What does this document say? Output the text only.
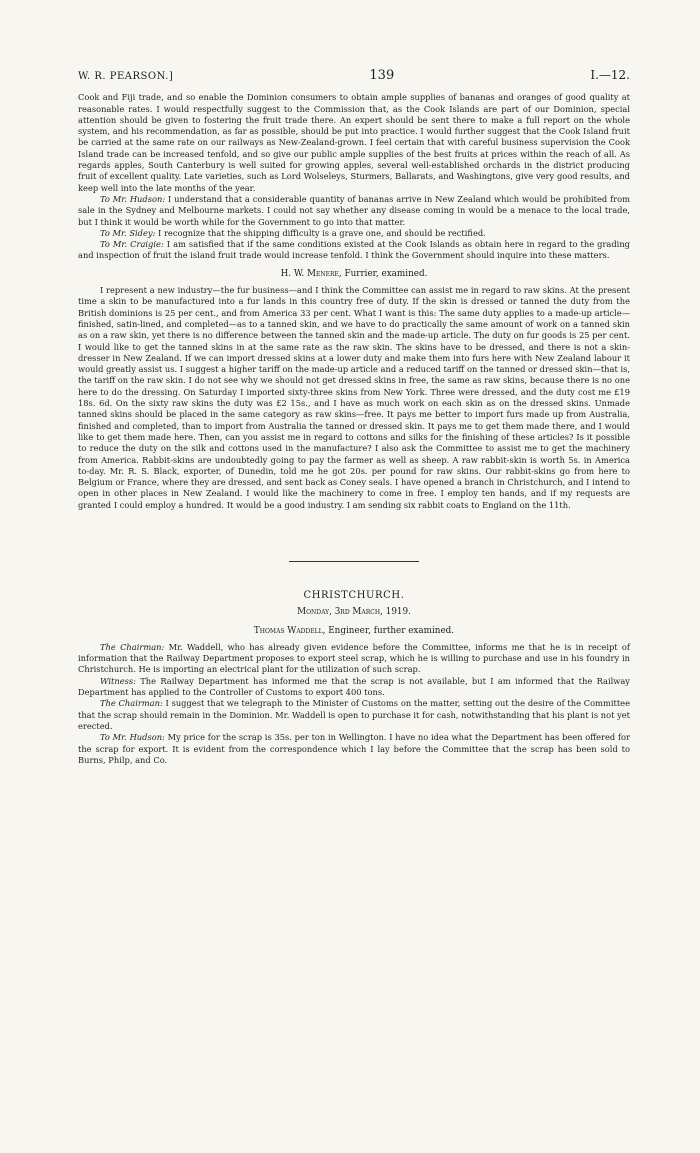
W. R. PEARSON.]	139	I.—12.

Cook and Fiji trade, and so enable the Dominion consumers to obtain ample supplies of bananas and oranges of good quality at reasonable rates. I would respectfully suggest to the Commission that, as the Cook Islands are part of our Dominion, special attention should be given to fostering the fruit trade there. An expert should be sent there to make a full report on the whole system, and his recommendation, as far as possible, should be put into practice. I would further suggest that the Cook Island fruit be carried at the same rate on our railways as New-Zealand-grown. I feel certain that with careful business supervision the Cook Island trade can be increased tenfold, and so give our public ample supplies of the best fruits at prices within the reach of all. As regards apples, South Canterbury is well suited for growing apples, several well-established orchards in the district producing fruit of excellent quality. Late varieties, such as Lord Wolseleys, Sturmers, Ballarats, and Washingtons, give very good results, and keep well into the late months of the year.

To Mr. Hudson: I understand that a considerable quantity of bananas arrive in New Zealand which would be prohibited from sale in the Sydney and Melbourne markets. I could not say whether any disease coming in would be a menace to the local trade, but I think it would be worth while for the Government to go into that matter.

To Mr. Sidey: I recognize that the shipping difficulty is a grave one, and should be rectified.

To Mr. Craigie: I am satisfied that if the same conditions existed at the Cook Islands as obtain here in regard to the grading and inspection of fruit the island fruit trade would increase tenfold. I think the Government should inquire into these matters.

H. W. Menere, Furrier, examined.

I represent a new industry—the fur business—and I think the Committee can assist me in regard to raw skins. At the present time a skin to be manufactured into a fur lands in this country free of duty. If the skin is dressed or tanned the duty from the British dominions is 25 per cent., and from America 33 per cent. What I want is this: The same duty applies to a made-up article—finished, satin-lined, and completed—as to a tanned skin, and we have to do practically the same amount of work on a tanned skin as on a raw skin, yet there is no difference between the tanned skin and the made-up article. The duty on fur goods is 25 per cent. I would like to get the tanned skins in at the same rate as the raw skin. The skins have to be dressed, and there is not a skin-dresser in New Zealand. If we can import dressed skins at a lower duty and make them into furs here with New Zealand labour it would greatly assist us. I suggest a higher tariff on the made-up article and a reduced tariff on the tanned or dressed skin—that is, the tariff on the raw skin. I do not see why we should not get dressed skins in free, the same as raw skins, because there is no one here to do the dressing. On Saturday I imported sixty-three skins from New York. Three were dressed, and the duty cost me £19 18s. 6d. On the sixty raw skins the duty was £2 15s., and I have as much work on each skin as on the dressed skins. Unmade tanned skins should be placed in the same category as raw skins—free. It pays me better to import furs made up from Australia, finished and completed, than to import from Australia the tanned or dressed skin. It pays me to get them made there, and I would like to get them made here. Then, can you assist me in regard to cottons and silks for the finishing of these articles? Is it possible to reduce the duty on the silk and cottons used in the manufacture? I also ask the Committee to assist me to get the machinery from America. Rabbit-skins are undoubtedly going to pay the farmer as well as sheep. A raw rabbit-skin is worth 5s. in America to-day. Mr. R. S. Black, exporter, of Dunedin, told me he got 20s. per pound for raw skins. Our rabbit-skins go from here to Belgium or France, where they are dressed, and sent back as Coney seals. I have opened a branch in Christchurch, and I intend to open in other places in New Zealand. I would like the machinery to come in free. I employ ten hands, and if my requests are granted I could employ a hundred. It would be a good industry. I am sending six rabbit coats to England on the 11th.

CHRISTCHURCH.
Monday, 3rd March, 1919.
Thomas Waddell, Engineer, further examined.

The Chairman: Mr. Waddell, who has already given evidence before the Committee, informs me that he is in receipt of information that the Railway Department proposes to export steel scrap, which he is willing to purchase and use in his foundry in Christchurch. He is importing an electrical plant for the utilization of such scrap.

Witness: The Railway Department has informed me that the scrap is not available, but I am informed that the Railway Department has applied to the Controller of Customs to export 400 tons.

The Chairman: I suggest that we telegraph to the Minister of Customs on the matter, setting out the desire of the Committee that the scrap should remain in the Dominion. Mr. Waddell is open to purchase it for cash, notwithstanding that his plant is not yet erected.

To Mr. Hudson: My price for the scrap is 35s. per ton in Wellington. I have no idea what the Department has been offered for the scrap for export. It is evident from the correspondence which I lay before the Committee that the scrap has been sold to Burns, Philp, and Co.
